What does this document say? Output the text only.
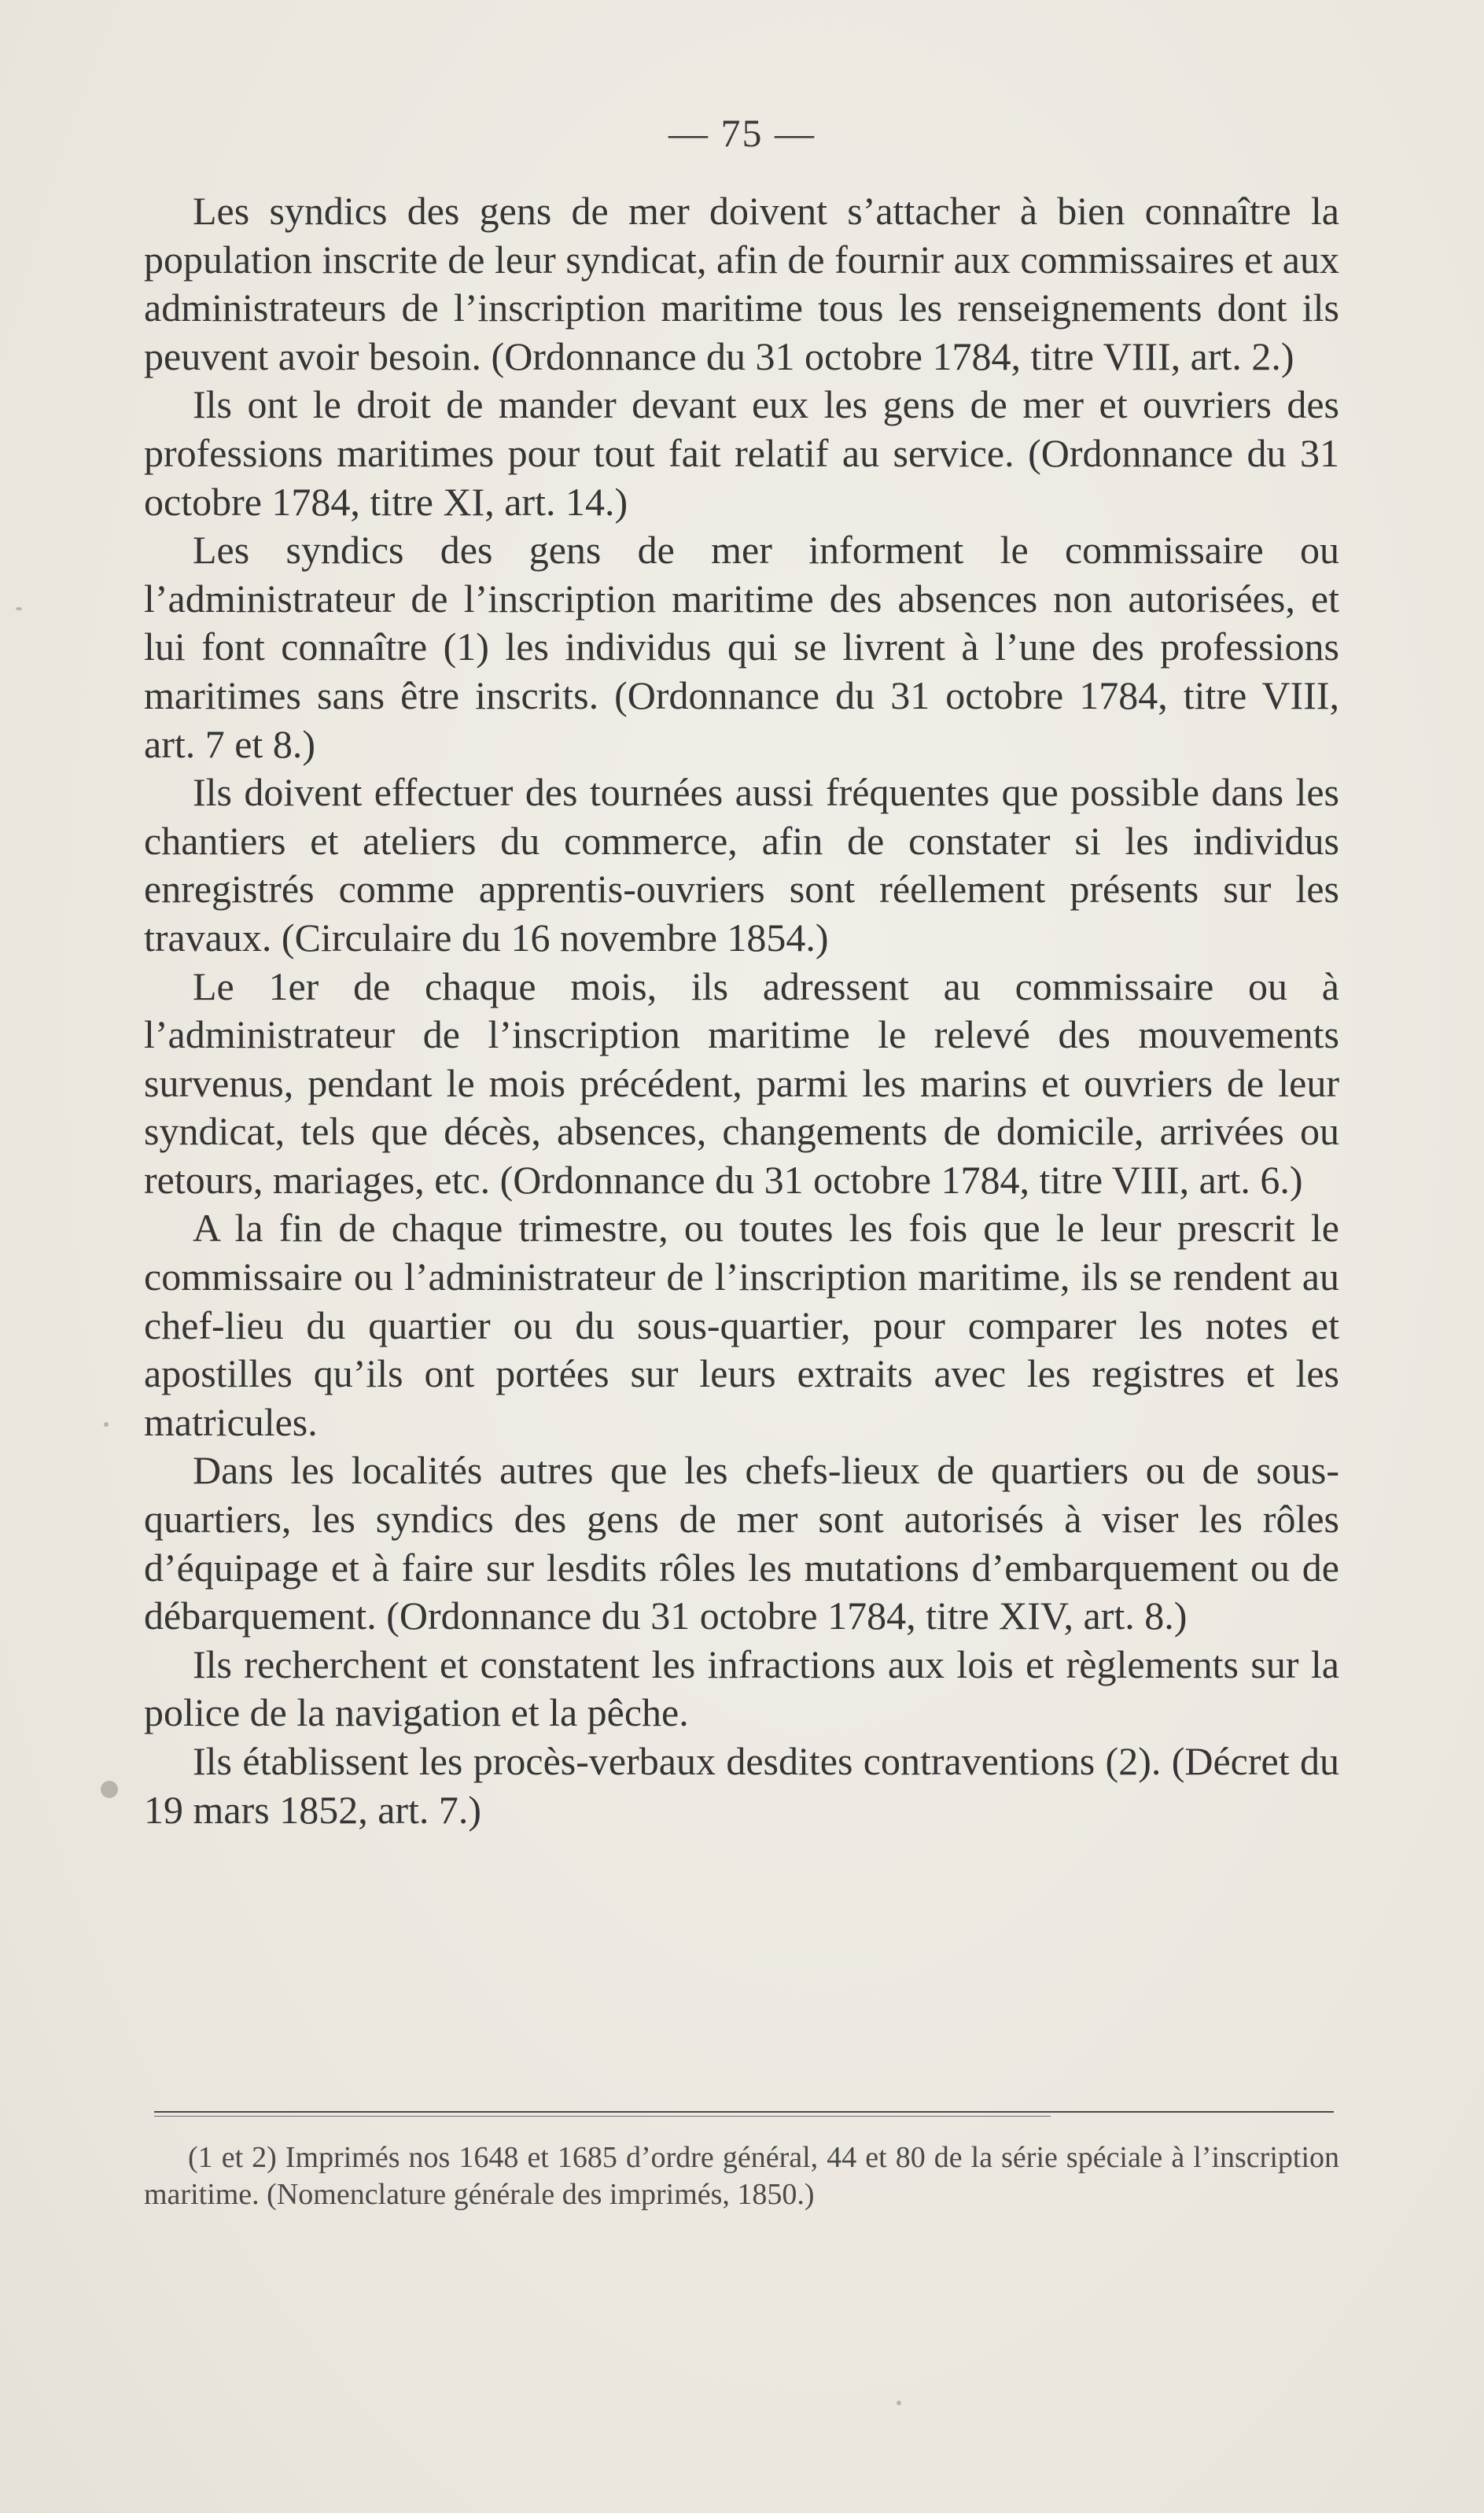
— 75 —

Les syndics des gens de mer doivent s’attacher à bien connaître la population inscrite de leur syndicat, afin de fournir aux commissaires et aux administrateurs de l’inscription maritime tous les renseignements dont ils peuvent avoir besoin. (Ordonnance du 31 octobre 1784, titre VIII, art. 2.)

Ils ont le droit de mander devant eux les gens de mer et ouvriers des professions maritimes pour tout fait relatif au service. (Ordonnance du 31 octobre 1784, titre XI, art. 14.)

Les syndics des gens de mer informent le commissaire ou l’administrateur de l’inscription maritime des absences non autorisées, et lui font connaître (1) les individus qui se livrent à l’une des professions maritimes sans être inscrits. (Ordonnance du 31 octobre 1784, titre VIII, art. 7 et 8.)

Ils doivent effectuer des tournées aussi fréquentes que possible dans les chantiers et ateliers du commerce, afin de constater si les individus enregistrés comme apprentis-ouvriers sont réellement présents sur les travaux. (Circulaire du 16 novembre 1854.)

Le 1er de chaque mois, ils adressent au commissaire ou à l’administrateur de l’inscription maritime le relevé des mouvements survenus, pendant le mois précédent, parmi les marins et ouvriers de leur syndicat, tels que décès, absences, changements de domicile, arrivées ou retours, mariages, etc. (Ordonnance du 31 octobre 1784, titre VIII, art. 6.)

A la fin de chaque trimestre, ou toutes les fois que le leur prescrit le commissaire ou l’administrateur de l’inscription maritime, ils se rendent au chef-lieu du quartier ou du sous-quartier, pour comparer les notes et apostilles qu’ils ont portées sur leurs extraits avec les registres et les matricules.

Dans les localités autres que les chefs-lieux de quartiers ou de sous-quartiers, les syndics des gens de mer sont autorisés à viser les rôles d’équipage et à faire sur lesdits rôles les mutations d’embarquement ou de débarquement. (Ordonnance du 31 octobre 1784, titre XIV, art. 8.)

Ils recherchent et constatent les infractions aux lois et règlements sur la police de la navigation et la pêche.

Ils établissent les procès-verbaux desdites contraventions (2). (Décret du 19 mars 1852, art. 7.)

(1 et 2) Imprimés nos 1648 et 1685 d’ordre général, 44 et 80 de la série spéciale à l’inscription maritime. (Nomenclature générale des imprimés, 1850.)
